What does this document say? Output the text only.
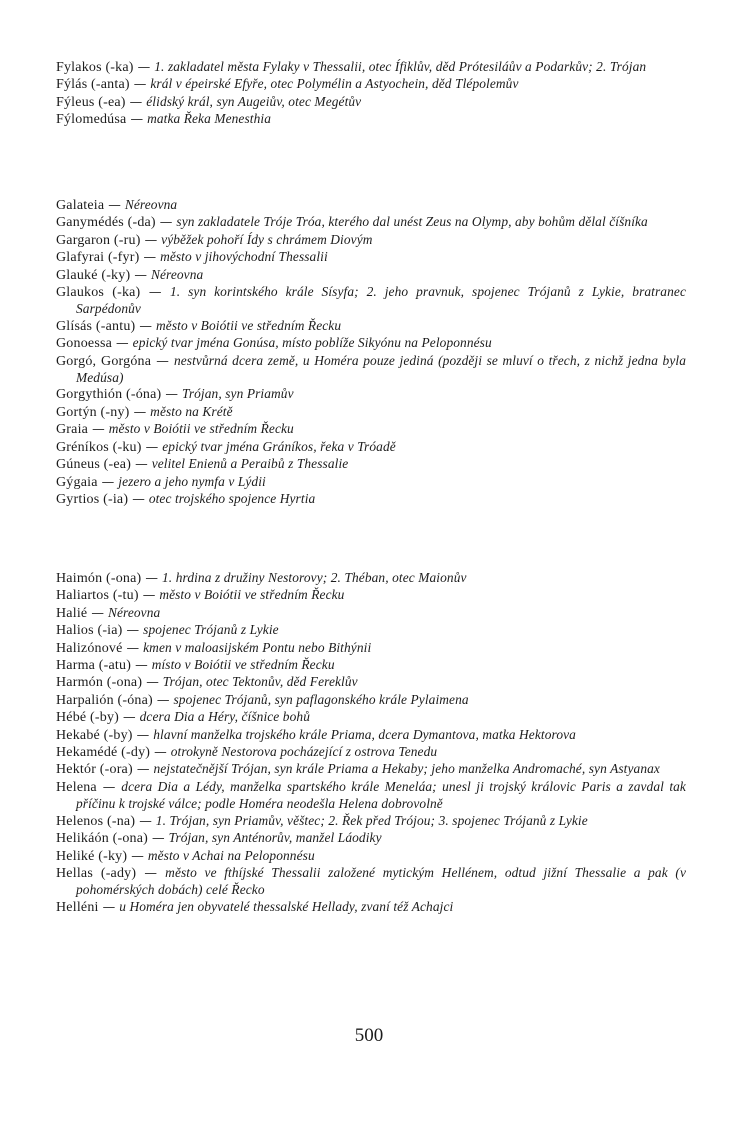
Fylakos (-ka) — 1. zakladatel města Fylaky v Thessalii, otec Ífiklův, děd Prótesiláův a Podarkův; 2. Trójan

Fýlás (-anta) — král v épeirské Efyře, otec Polymélin a Astyochein, děd Tlépolemův

Fýleus (-ea) — élidský král, syn Augeiův, otec Megétův

Fýlomedúsa — matka Řeka Menesthia

Galateia — Néreovna

Ganymédés (-da) — syn zakladatele Tróje Tróa, kterého dal unést Zeus na Olymp, aby bohům dělal číšníka

Gargaron (-ru) — výběžek pohoří Ídy s chrámem Diovým

Glafyrai (-fyr) — město v jihovýchodní Thessalii

Glauké (-ky) — Néreovna

Glaukos (-ka) — 1. syn korintského krále Sísyfa; 2. jeho pravnuk, spojenec Trójanů z Lykie, bratranec Sarpédonův

Glísás (-antu) — město v Boiótii ve středním Řecku

Gonoessa — epický tvar jména Gonúsa, místo poblíže Sikyónu na Peloponnésu

Gorgó, Gorgóna — nestvůrná dcera země, u Homéra pouze jediná (později se mluví o třech, z nichž jedna byla Medúsa)

Gorgythión (-óna) — Trójan, syn Priamův

Gortýn (-ny) — město na Krétě

Graia — město v Boiótii ve středním Řecku

Gréníkos (-ku) — epický tvar jména Gráníkos, řeka v Tróadě

Gúneus (-ea) — velitel Enienů a Peraibů z Thessalie

Gýgaia — jezero a jeho nymfa v Lýdii

Gyrtios (-ia) — otec trojského spojence Hyrtia

Haimón (-ona) — 1. hrdina z družiny Nestorovy; 2. Théban, otec Maionův

Haliartos (-tu) — město v Boiótii ve středním Řecku

Halié — Néreovna

Halios (-ia) — spojenec Trójanů z Lykie

Halizónové — kmen v maloasijském Pontu nebo Bithýnii

Harma (-atu) — místo v Boiótii ve středním Řecku

Harmón (-ona) — Trójan, otec Tektonův, děd Fereklův

Harpalión (-óna) — spojenec Trójanů, syn paflagonského krále Pylaimena

Hébé (-by) — dcera Dia a Héry, číšnice bohů

Hekabé (-by) — hlavní manželka trojského krále Priama, dcera Dymantova, matka Hektorova

Hekamédé (-dy) — otrokyně Nestorova pocházející z ostrova Tenedu

Hektór (-ora) — nejstatečnější Trójan, syn krále Priama a Hekaby; jeho manželka Andromaché, syn Astyanax

Helena — dcera Dia a Lédy, manželka spartského krále Meneláa; unesl ji trojský královic Paris a zavdal tak příčinu k trojské válce; podle Homéra neodešla Helena dobrovolně

Helenos (-na) — 1. Trójan, syn Priamův, věštec; 2. Řek před Trójou; 3. spojenec Trójanů z Lykie

Helikáón (-ona) — Trójan, syn Anténorův, manžel Láodiky

Heliké (-ky) — město v Achai na Peloponnésu

Hellas (-ady) — město ve fthíjské Thessalii založené mytickým Hellénem, odtud jižní Thessalie a pak (v pohomérských dobách) celé Řecko

Helléni — u Homéra jen obyvatelé thessalské Hellady, zvaní též Achajci

500
